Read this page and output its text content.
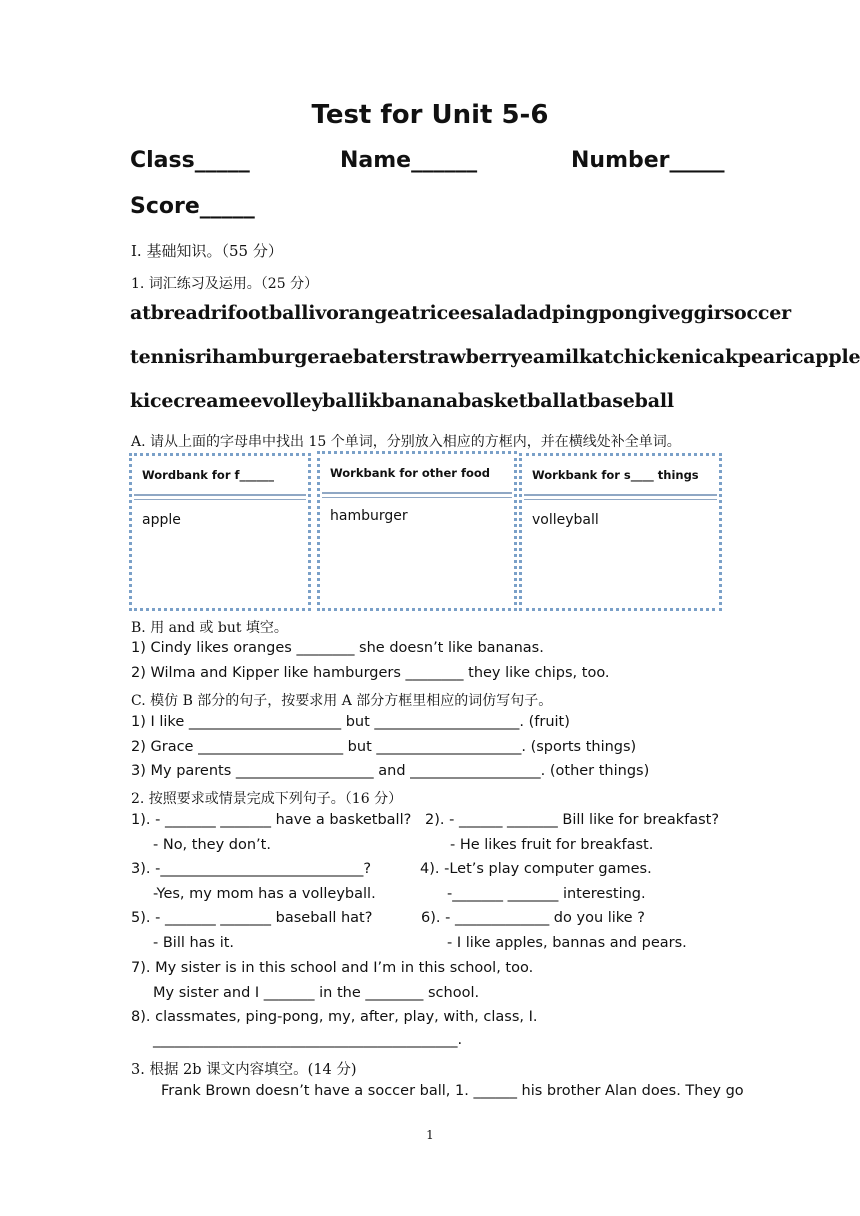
Test for Unit 5-6
Class_____	Name______	Number_____
Score_____
Ⅰ. 基础知识。（55 分）
1. 词汇练习及运用。（25 分）
atbreadrifootballivorangeatriceesaladadpingpongiveggirsoccer
tennisrihamburgeraebaterstrawberryeamilkatchickenicakpearicapple
kicecreameevolleyballikbananabasketballatbaseball
A. 请从上面的字母串中找出 15 个单词，分别放入相应的方框内，并在横线处补全单词。
Wordbank for f______
apple
Workbank for other food
hamburger
Workbank for s____ things
volleyball
B. 用 and 或 but 填空。
1) Cindy likes oranges ________ she doesn’t like bananas.
2) Wilma and Kipper like hamburgers ________ they like chips, too.
C. 模仿 B 部分的句子，按要求用 A 部分方框里相应的词仿写句子。
1) I like _____________________ but ____________________. (fruit)
2) Grace ____________________ but ____________________. (sports things)
3) My parents ___________________ and __________________. (other things)
2. 按照要求或情景完成下列句子。（16 分）
1). - _______ _______ have a basketball? 2). - ______ _______ Bill like for breakfast?
- No, they don’t.	- He likes fruit for breakfast.
3). -____________________________?	4). -Let’s play computer games.
-Yes, my mom has a volleyball.	-_______ _______ interesting.
5). - _______ _______ baseball hat?	6). - _____________ do you like ?
- Bill has it.	- I like apples, bannas and pears.
7). My sister is in this school and I’m in this school, too.
My sister and I _______ in the ________ school.
8). classmates, ping-pong, my, after, play, with, class, I.
__________________________________________.
3. 根据 2b 课文内容填空。(14 分)
Frank Brown doesn’t have a soccer ball, 1. ______ his brother Alan does. They go
1
